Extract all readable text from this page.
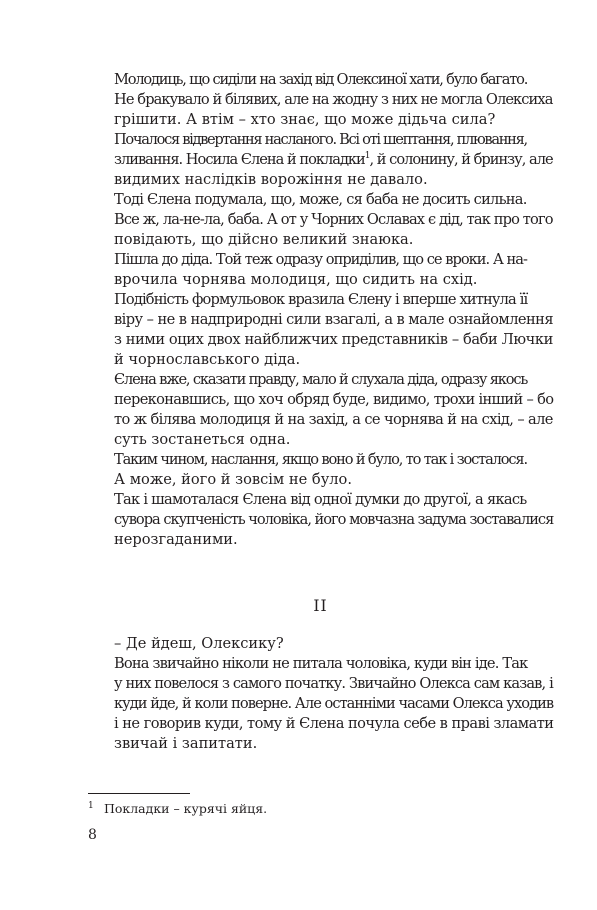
Молодиць, що сиділи на захід від Олексиної хати, було багато.
Не бракувало й білявих, але на жодну з них не могла Олексиха
грішити. А втім – хто знає, що може дідьча сила?

Почалося відвертання насланого. Всі оті шептання, плювання,
зливання. Носила Єлена й покладки$^1$, й солонину, й бринзу, але
видимих наслідків ворожіння не давало.

Тоді Єлена подумала, що, може, ся баба не досить сильна.
Все ж, ла-не-ла, баба. А от у Чорних Ославах є дід, так про того
повідають, що дійсно великий знаюка.

Пішла до діда. Той теж одразу оприділив, що се вроки. А на-
врочила чорнява молодиця, що сидить на схід.

Подібність формульовок вразила Єлену і вперше хитнула її
віру – не в надприродні сили взагалі, а в мале ознайомлення
з ними оцих двох найближчих представників – баби Лючки
й чорнославського діда.

Єлена вже, сказати правду, мало й слухала діда, одразу якось
переконавшись, що хоч обряд буде, видимо, трохи інший – бо
то ж білява молодиця й на захід, а се чорнява й на схід, – але
суть зостанеться одна.

Таким чином, наслання, якщо воно й було, то так і зосталося.
А може, його й зовсім не було.

Так і шамоталася Єлена від одної думки до другої, а якась
сувора скупченість чоловіка, його мовчазна задума зоставалися
нерозгаданими.

II

– Де йдеш, Олексику?

Вона звичайно ніколи не питала чоловіка, куди він іде. Так
у них повелося з самого початку. Звичайно Олекса сам казав, і
куди йде, й коли поверне. Але останніми часами Олекса уходив
і не говорив куди, тому й Єлена почула себе в праві зламати
звичай і запитати.

$^1$ Покладки – курячі яйця.
8
